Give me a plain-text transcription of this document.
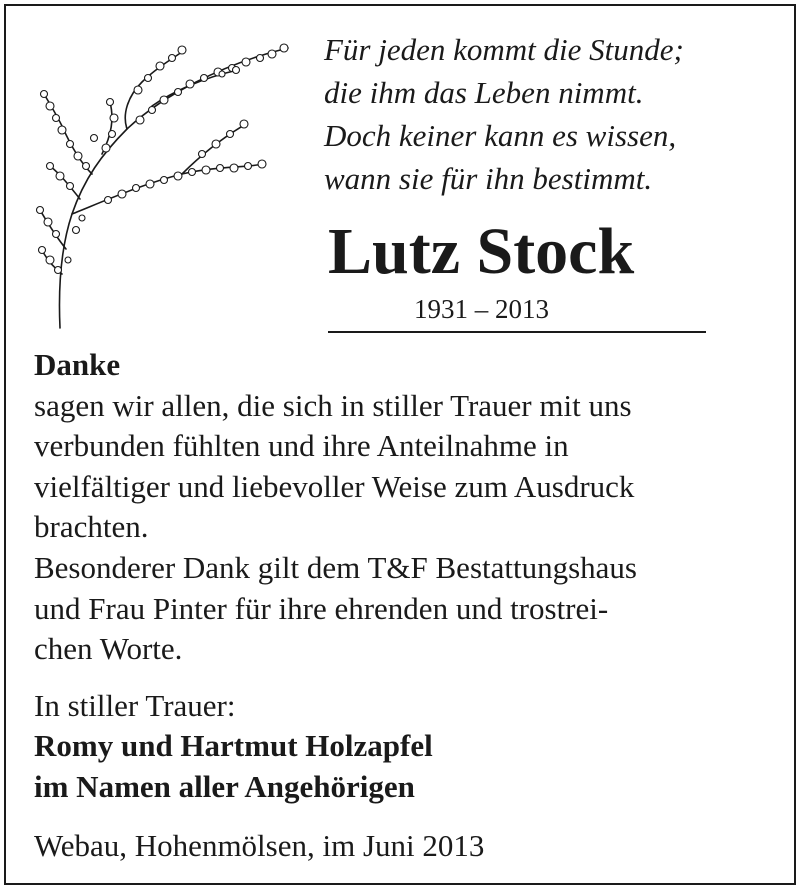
Für jeden kommt die Stunde;
die ihm das Leben nimmt.
Doch keiner kann es wissen,
wann sie für ihn bestimmt.
Lutz Stock
1931 – 2013
Danke
sagen wir allen, die sich in stiller Trauer mit uns
verbunden fühlten und ihre Anteilnahme in
vielfältiger und liebevoller Weise zum Ausdruck
brachten.
Besonderer Dank gilt dem T&F Bestattungshaus
und Frau Pinter für ihre ehrenden und trostrei-
chen Worte.
In stiller Trauer:
Romy und Hartmut Holzapfel
im Namen aller Angehörigen
Webau, Hohenmölsen, im Juni 2013
